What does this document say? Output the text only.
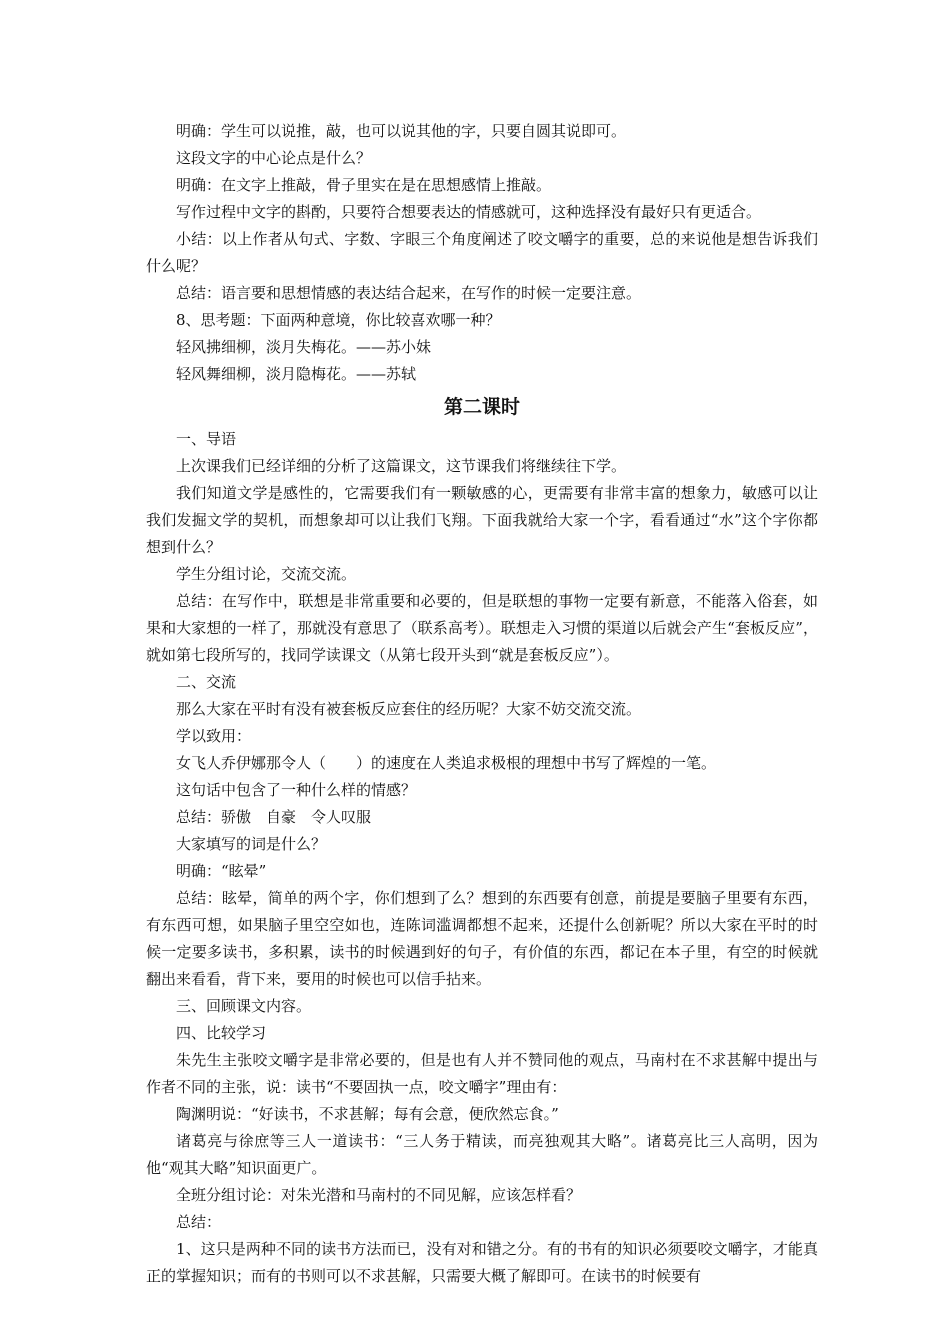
明确：学生可以说推，敲，也可以说其他的字，只要自圆其说即可。

这段文字的中心论点是什么？

明确：在文字上推敲，骨子里实在是在思想感情上推敲。

写作过程中文字的斟酌，只要符合想要表达的情感就可，这种选择没有最好只有更适合。

小结：以上作者从句式、字数、字眼三个角度阐述了咬文嚼字的重要，总的来说他是想告诉我们什么呢？

总结：语言要和思想情感的表达结合起来，在写作的时候一定要注意。

8、思考题：下面两种意境，你比较喜欢哪一种？

轻风拂细柳，淡月失梅花。——苏小妹

轻风舞细柳，淡月隐梅花。——苏轼

第二课时

一、导语

上次课我们已经详细的分析了这篇课文，这节课我们将继续往下学。

我们知道文学是感性的，它需要我们有一颗敏感的心，更需要有非常丰富的想象力，敏感可以让我们发掘文学的契机，而想象却可以让我们飞翔。下面我就给大家一个字，看看通过“水”这个字你都想到什么？

学生分组讨论，交流交流。

总结：在写作中，联想是非常重要和必要的，但是联想的事物一定要有新意，不能落入俗套，如果和大家想的一样了，那就没有意思了（联系高考）。联想走入习惯的渠道以后就会产生“套板反应”，就如第七段所写的，找同学读课文（从第七段开头到“就是套板反应”）。

二、交流

那么大家在平时有没有被套板反应套住的经历呢？大家不妨交流交流。

学以致用：

女飞人乔伊娜那令人（　　）的速度在人类追求极根的理想中书写了辉煌的一笔。

这句话中包含了一种什么样的情感？

总结：骄傲　自豪　令人叹服

大家填写的词是什么？

明确：“眩晕”

总结：眩晕，简单的两个字，你们想到了么？想到的东西要有创意，前提是要脑子里要有东西，有东西可想，如果脑子里空空如也，连陈词滥调都想不起来，还提什么创新呢？所以大家在平时的时候一定要多读书，多积累，读书的时候遇到好的句子，有价值的东西，都记在本子里，有空的时候就翻出来看看，背下来，要用的时候也可以信手拈来。

三、回顾课文内容。

四、比较学习

朱先生主张咬文嚼字是非常必要的，但是也有人并不赞同他的观点，马南村在不求甚解中提出与作者不同的主张，说：读书“不要固执一点，咬文嚼字”理由有：

陶渊明说：“好读书，不求甚解；每有会意，便欣然忘食。”

诸葛亮与徐庶等三人一道读书：“三人务于精读，而亮独观其大略”。诸葛亮比三人高明，因为他“观其大略”知识面更广。

全班分组讨论：对朱光潜和马南村的不同见解，应该怎样看？

总结：

1、这只是两种不同的读书方法而已，没有对和错之分。有的书有的知识必须要咬文嚼字，才能真正的掌握知识；而有的书则可以不求甚解，只需要大概了解即可。在读书的时候要有
